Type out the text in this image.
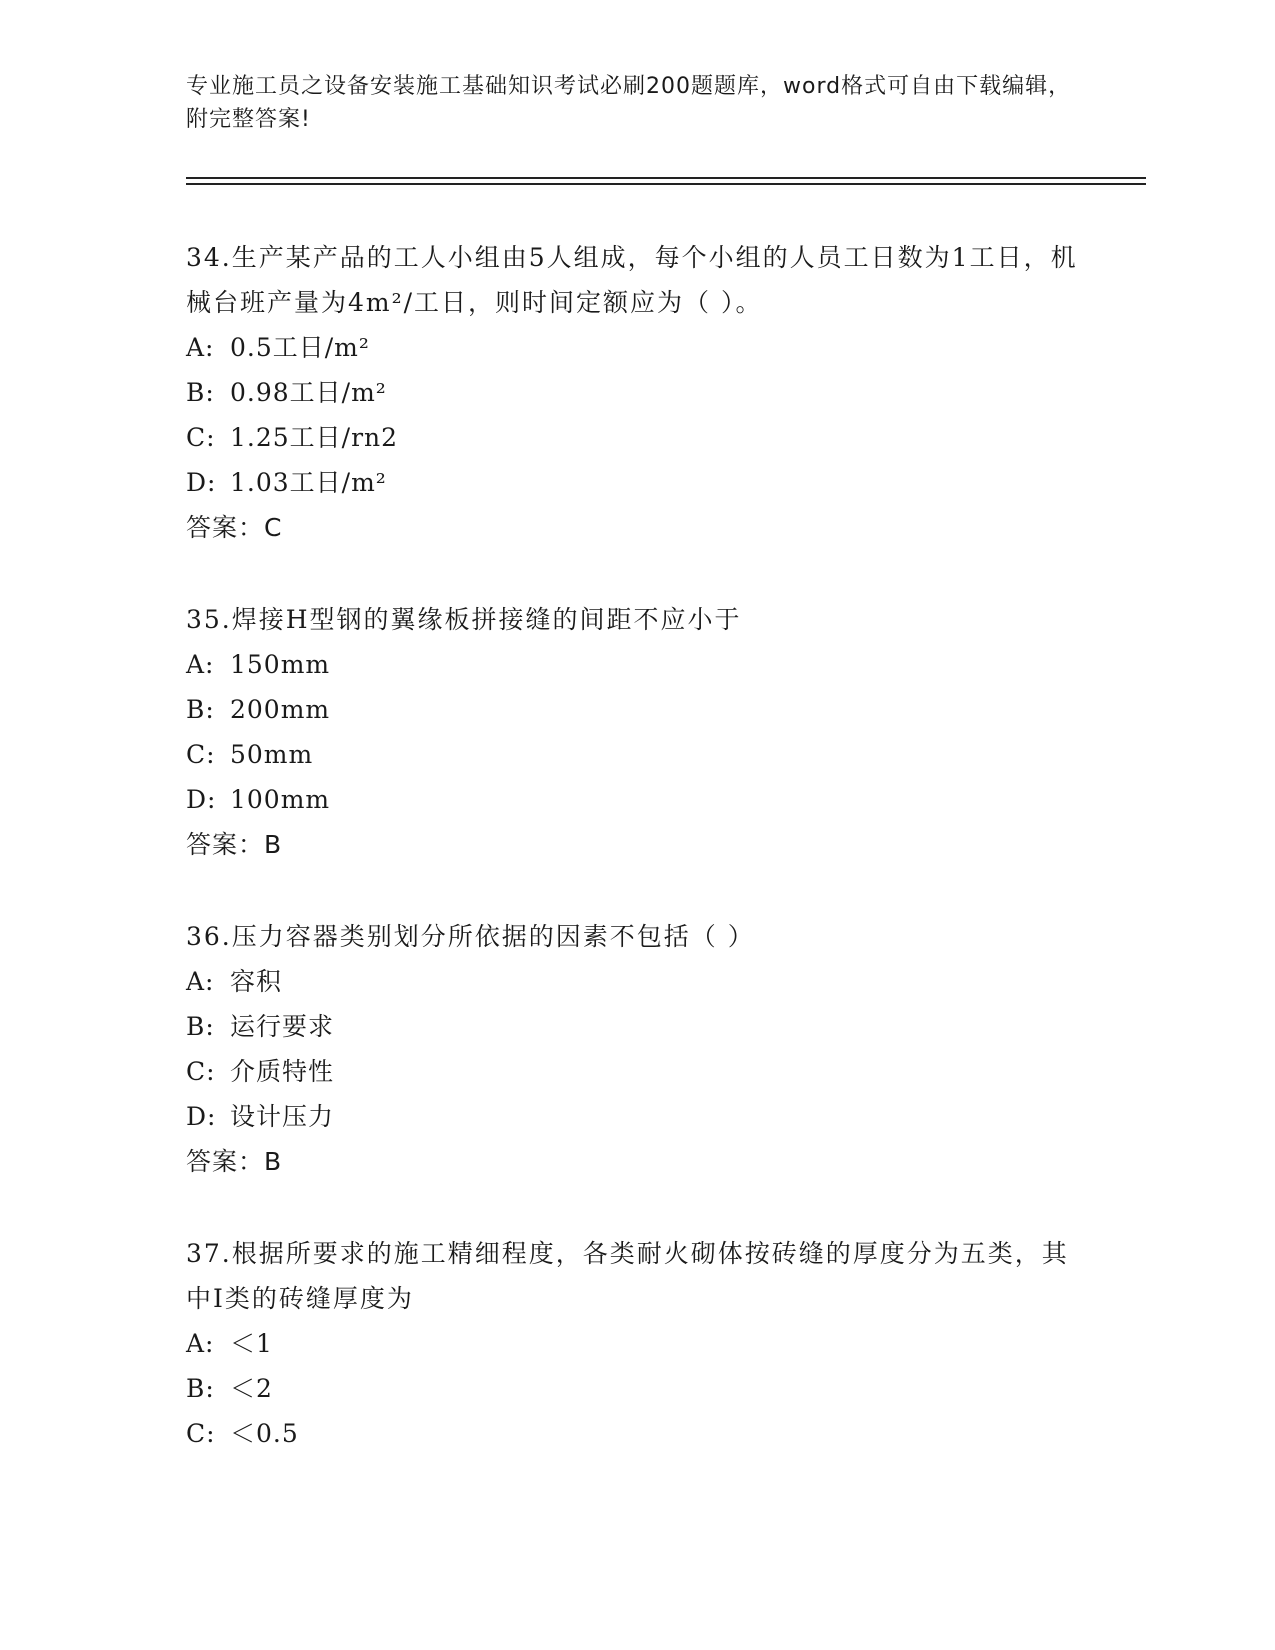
专业施工员之设备安装施工基础知识考试必刷200题题库，word格式可自由下载编辑，附完整答案!

34.生产某产品的工人小组由5人组成，每个小组的人员工日数为1工日，机械台班产量为4m²/工日，则时间定额应为（ ）。

A: 0.5工日/m²
B: 0.98工日/m²
C: 1.25工日/rn2
D: 1.03工日/m²
答案：C

35.焊接H型钢的翼缘板拼接缝的间距不应小于

A: 150mm
B: 200mm
C: 50mm
D: 100mm
答案：B

36.压力容器类别划分所依据的因素不包括（ ）

A: 容积
B: 运行要求
C: 介质特性
D: 设计压力
答案：B

37.根据所要求的施工精细程度，各类耐火砌体按砖缝的厚度分为五类，其中I类的砖缝厚度为

A: ＜1
B: ＜2
C: ＜0.5
